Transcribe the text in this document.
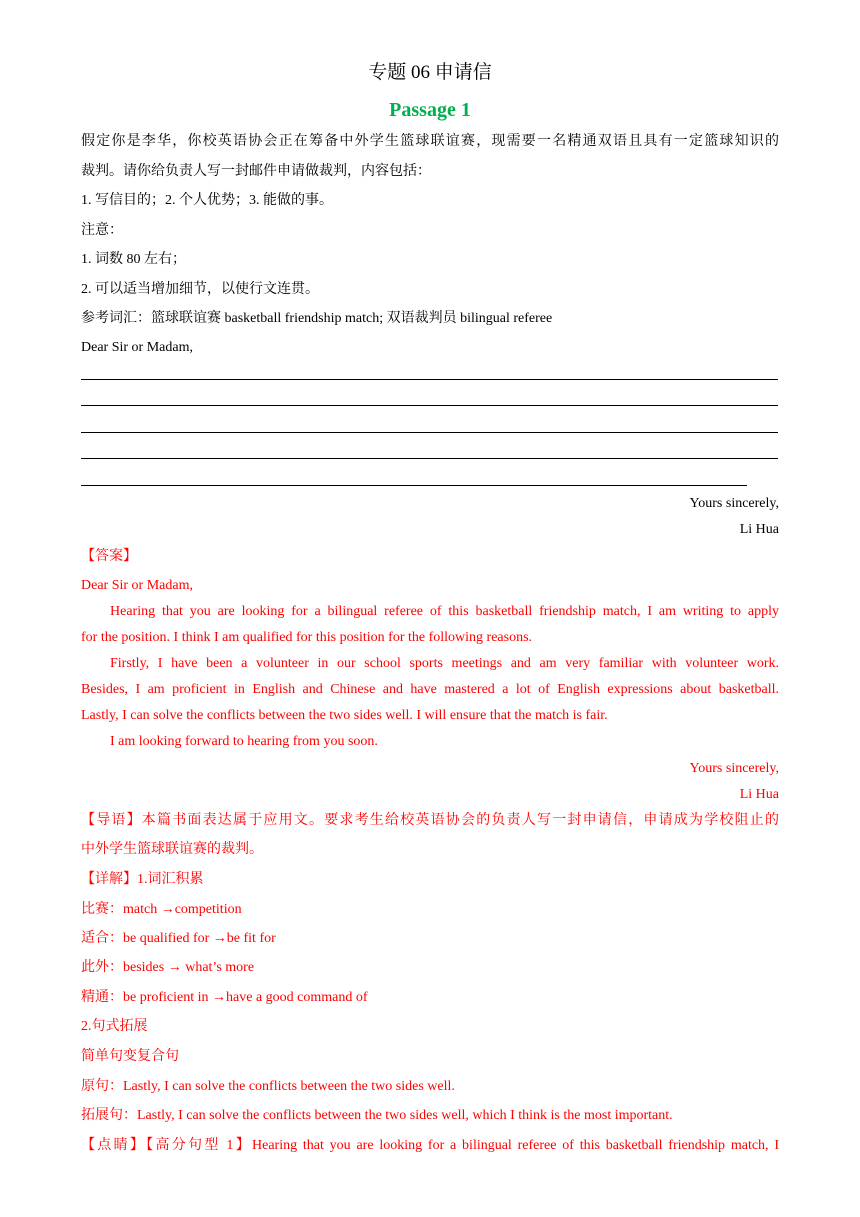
专题 06 申请信
Passage 1
假定你是李华，你校英语协会正在筹备中外学生篮球联谊赛，现需要一名精通双语且具有一定篮球知识的
裁判。请你给负责人写一封邮件申请做裁判，内容包括：
1. 写信目的；2. 个人优势；3. 能做的事。
注意：
1. 词数 80 左右；
2. 可以适当增加细节，以使行文连贯。
参考词汇：篮球联谊赛 basketball friendship match; 双语裁判员 bilingual referee
Dear Sir or Madam,
Yours sincerely,
Li Hua
【答案】
Dear Sir or Madam,
Hearing that you are looking for a bilingual referee of this basketball friendship match, I am writing to apply
for the position. I think I am qualified for this position for the following reasons.
Firstly, I have been a volunteer in our school sports meetings and am very familiar with volunteer work.
Besides, I am proficient in English and Chinese and have mastered a lot of English expressions about basketball.
Lastly, I can solve the conflicts between the two sides well. I will ensure that the match is fair.
I am looking forward to hearing from you soon.
Yours sincerely,
Li Hua
【导语】本篇书面表达属于应用文。要求考生给校英语协会的负责人写一封申请信，申请成为学校阻止的
中外学生篮球联谊赛的裁判。
【详解】1.词汇积累
比赛：match →competition
适合：be qualified for →be fit for
此外：besides → what’s more
精通：be proficient in →have a good command of
2.句式拓展
简单句变复合句
原句：Lastly, I can solve the conflicts between the two sides well.
拓展句：Lastly, I can solve the conflicts between the two sides well, which I think is the most important.
【点睛】【高分句型 1】Hearing that you are looking for a bilingual referee of this basketball friendship match, I
